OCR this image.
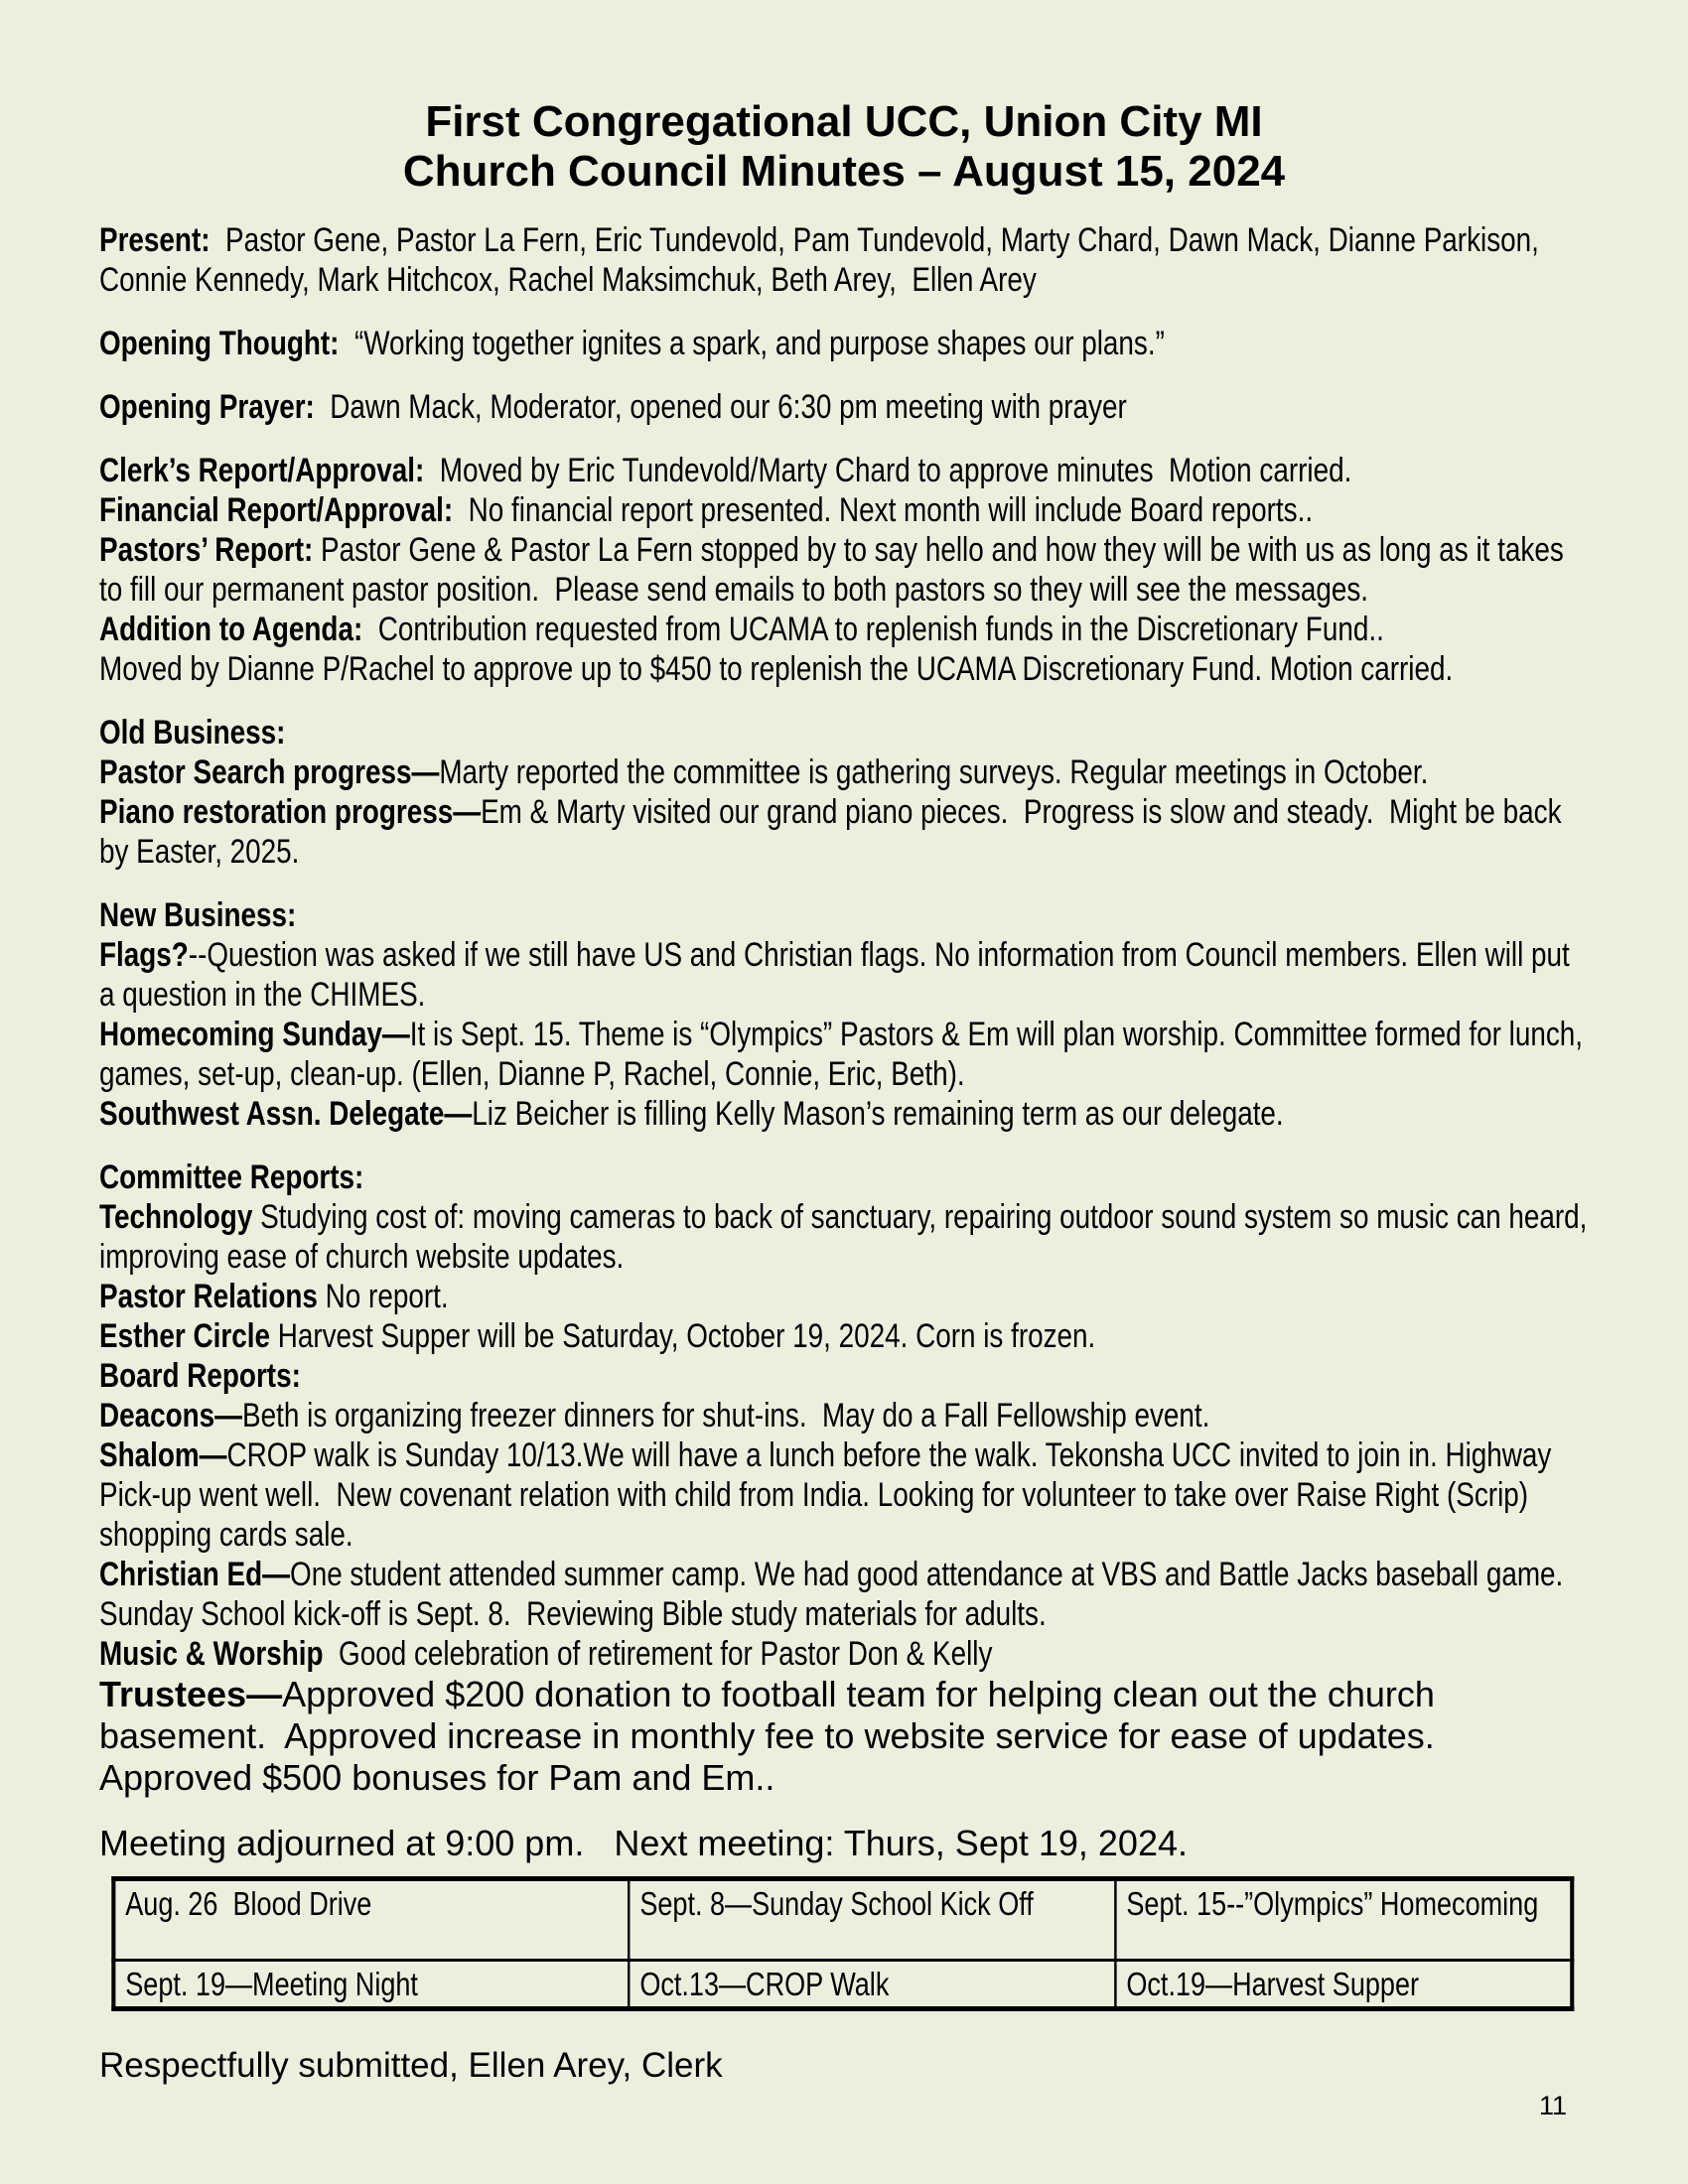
First Congregational UCC, Union City MI
Church Council Minutes – August 15, 2024
Present:  Pastor Gene, Pastor La Fern, Eric Tundevold, Pam Tundevold, Marty Chard, Dawn Mack, Dianne Parkison, Connie Kennedy, Mark Hitchcox, Rachel Maksimchuk, Beth Arey,  Ellen Arey
Opening Thought:  “Working together ignites a spark, and purpose shapes our plans.”
Opening Prayer:  Dawn Mack, Moderator, opened our 6:30 pm meeting with prayer
Clerk’s Report/Approval:  Moved by Eric Tundevold/Marty Chard to approve minutes  Motion carried.
Financial Report/Approval:  No financial report presented. Next month will include Board reports..
Pastors’ Report: Pastor Gene & Pastor La Fern stopped by to say hello and how they will be with us as long as it takes to fill our permanent pastor position.  Please send emails to both pastors so they will see the messages.
Addition to Agenda:  Contribution requested from UCAMA to replenish funds in the Discretionary Fund..
Moved by Dianne P/Rachel to approve up to $450 to replenish the UCAMA Discretionary Fund. Motion carried.
Old Business:
Pastor Search progress—Marty reported the committee is gathering surveys. Regular meetings in October.
Piano restoration progress—Em & Marty visited our grand piano pieces.  Progress is slow and steady.  Might be back by Easter, 2025.
New Business:
Flags?--Question was asked if we still have US and Christian flags. No information from Council members. Ellen will put a question in the CHIMES.
Homecoming Sunday—It is Sept. 15. Theme is “Olympics” Pastors & Em will plan worship. Committee formed for lunch, games, set-up, clean-up. (Ellen, Dianne P, Rachel, Connie, Eric, Beth).
Southwest Assn. Delegate—Liz Beicher is filling Kelly Mason’s remaining term as our delegate.
Committee Reports:
Technology Studying cost of: moving cameras to back of sanctuary, repairing outdoor sound system so music can heard, improving ease of church website updates.
Pastor Relations No report.
Esther Circle Harvest Supper will be Saturday, October 19, 2024. Corn is frozen.
Board Reports:
Deacons—Beth is organizing freezer dinners for shut-ins.  May do a Fall Fellowship event.
Shalom—CROP walk is Sunday 10/13.We will have a lunch before the walk. Tekonsha UCC invited to join in. Highway Pick-up went well.  New covenant relation with child from India. Looking for volunteer to take over Raise Right (Scrip) shopping cards sale.
Christian Ed—One student attended summer camp. We had good attendance at VBS and Battle Jacks baseball game. Sunday School kick-off is Sept. 8.  Reviewing Bible study materials for adults.
Music & Worship  Good celebration of retirement for Pastor Don & Kelly
Trustees—Approved $200 donation to football team for helping clean out the church basement.  Approved increase in monthly fee to website service for ease of updates.  Approved $500 bonuses for Pam and Em..
Meeting adjourned at 9:00 pm.   Next meeting: Thurs, Sept 19, 2024.
Aug. 26  Blood Drive	Sept. 8—Sunday School Kick Off	Sept. 15--”Olympics” Homecoming
Sept. 19—Meeting Night	Oct.13—CROP Walk	Oct.19—Harvest Supper
Respectfully submitted, Ellen Arey, Clerk
11
